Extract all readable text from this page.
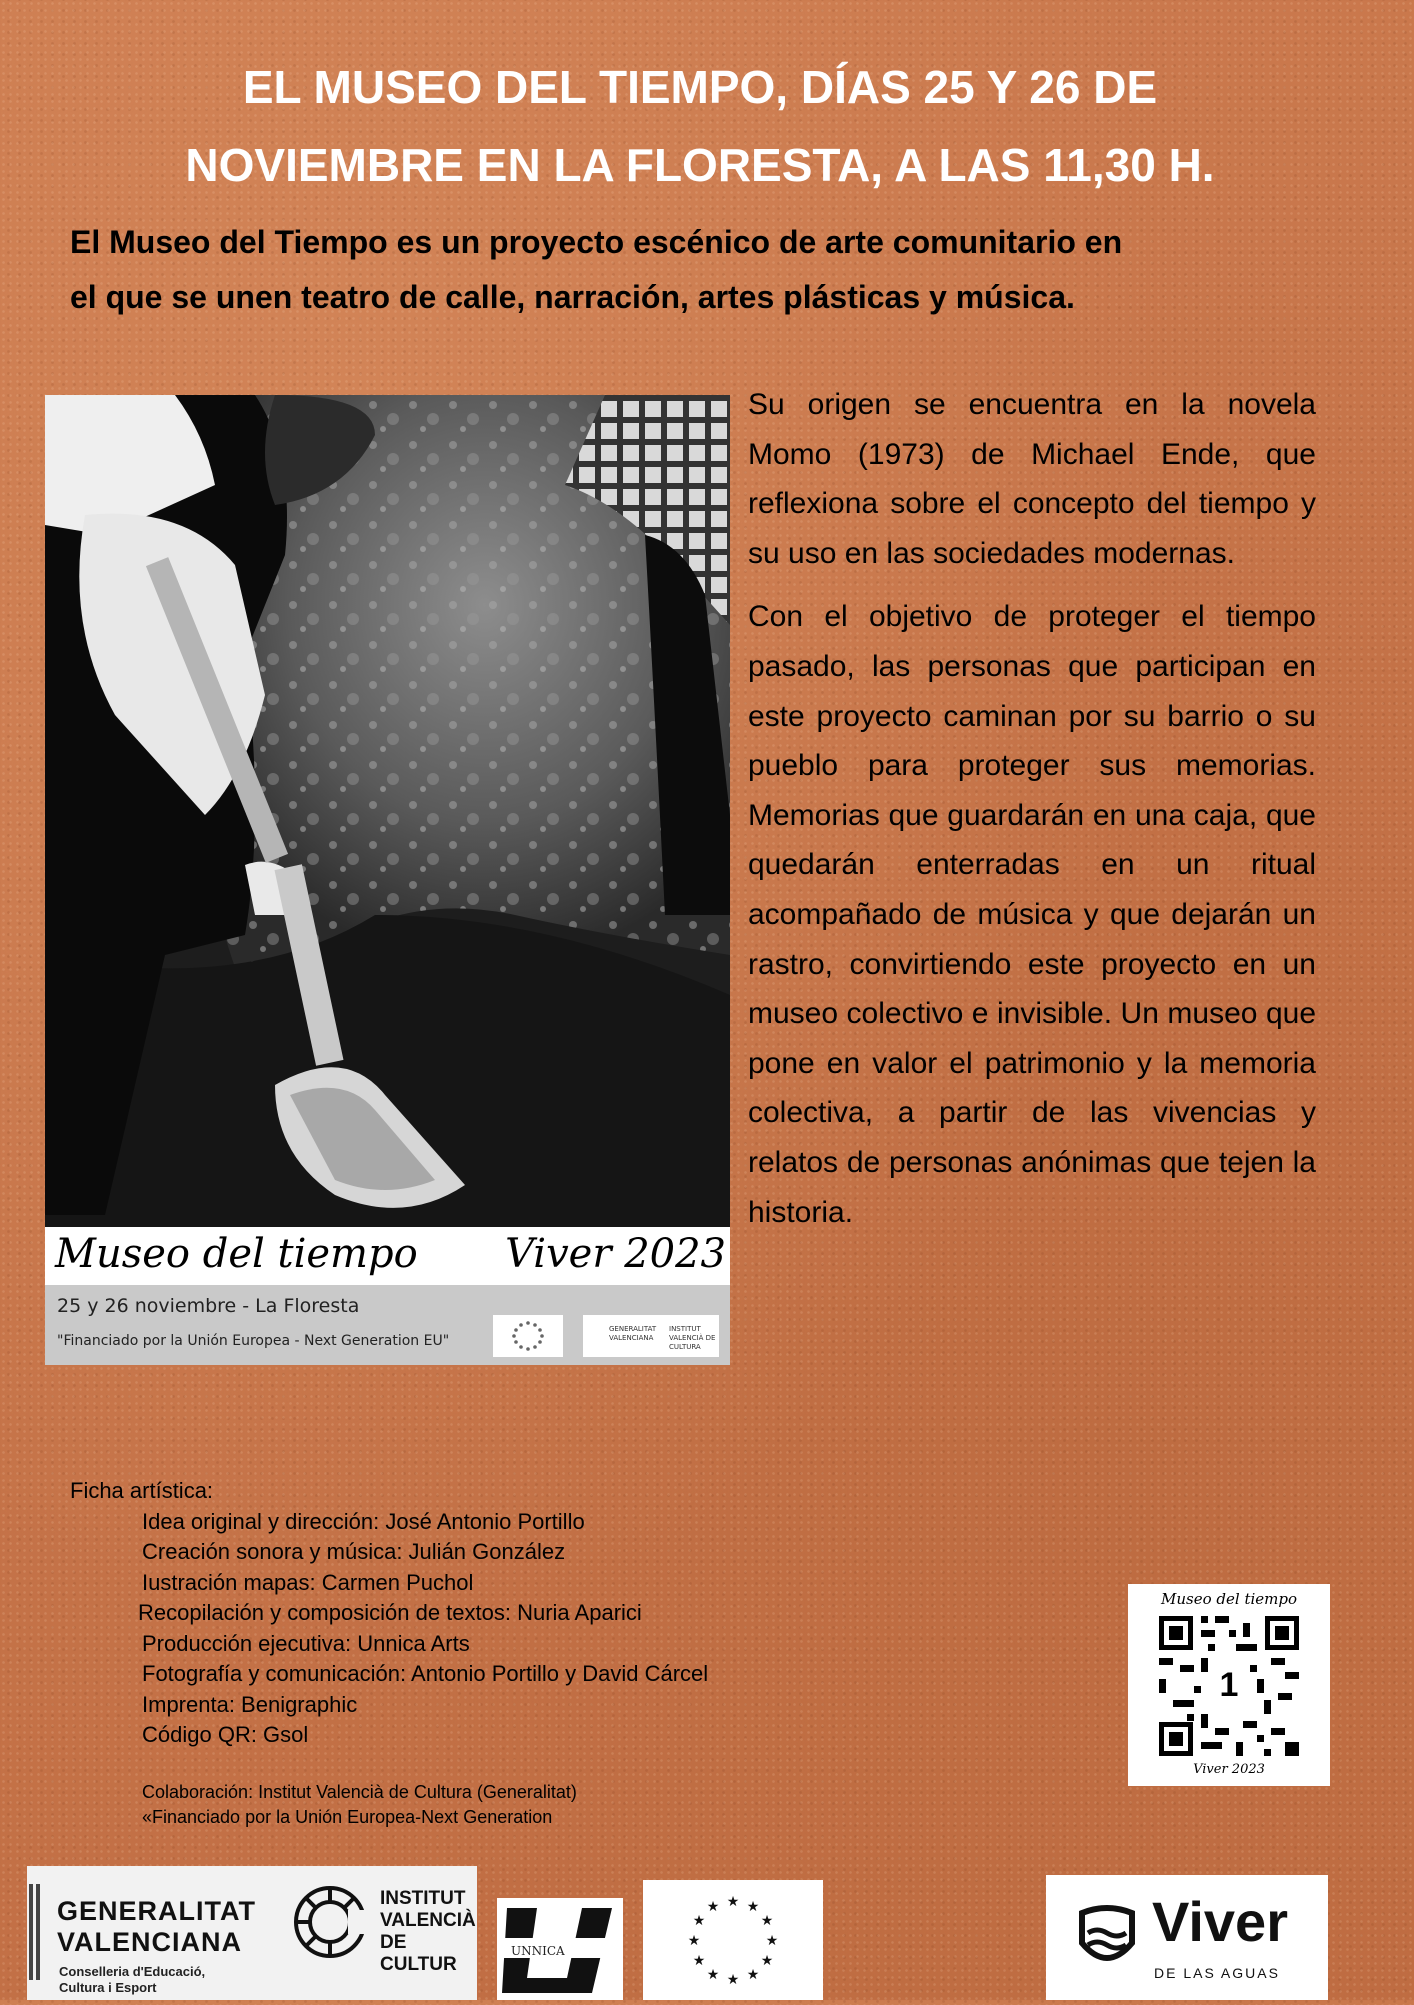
EL MUSEO DEL TIEMPO, DÍAS 25 Y 26 DE
NOVIEMBRE EN LA FLORESTA, A LAS 11,30 H.

El Museo del Tiempo es un proyecto escénico de arte comunitario en
el que se unen teatro de calle, narración, artes plásticas y música.

Museo del tiempo Viver 2023
25 y 26 noviembre - La Floresta
"Financiado por la Unión Europea - Next Generation EU"
GENERALITAT VALENCIANA
INSTITUT VALENCIÀ DE CULTURA

Su origen se encuentra en la novela Momo (1973) de Michael Ende, que reflexiona sobre el concepto del tiempo y su uso en las sociedades modernas.

Con el objetivo de proteger el tiempo pasado, las personas que participan en este proyecto caminan por su barrio o su pueblo para proteger sus memorias. Memorias que guardarán en una caja, que quedarán enterradas en un ritual acompañado de música y que dejarán un rastro, convirtiendo este proyecto en un museo colectivo e invisible. Un museo que pone en valor el patrimonio y la memoria colectiva, a partir de las vivencias y relatos de personas anónimas que tejen la historia.

Ficha artística:
Idea original y dirección: José Antonio Portillo
Creación sonora y música: Julián González
Iustración mapas: Carmen Puchol
Recopilación y composición de textos: Nuria Aparici
Producción ejecutiva: Unnica Arts
Fotografía y comunicación: Antonio Portillo y David Cárcel
Imprenta: Benigraphic
Código QR: Gsol
Colaboración: Institut Valencià de Cultura (Generalitat)
«Financiado por la Unión Europea-Next Generation
Museo del tiempo
1
Viver 2023
GENERALITAT
VALENCIANA
Conselleria d'Educació,
Cultura i Esport
INSTITUT
VALENCIÀ
DE CULTUR
UNNICA
★ ★
★
★
★
★
★
★
★
★
★
★	Viver
DE LAS AGUAS
